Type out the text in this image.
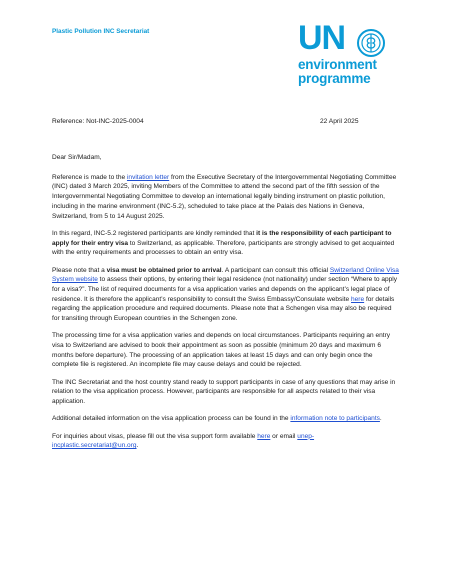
Plastic Pollution INC Secretariat	UN
environment
programme
Reference: Not-INC-2025-0004	22 April 2025

Dear Sir/Madam,

Reference is made to the invitation letter from the Executive Secretary of the Intergovernmental Negotiating Committee (INC) dated 3 March 2025, inviting Members of the Committee to attend the second part of the fifth session of the Intergovernmental Negotiating Committee to develop an international legally binding instrument on plastic pollution, including in the marine environment (INC-5.2), scheduled to take place at the Palais des Nations in Geneva, Switzerland, from 5 to 14 August 2025.

In this regard, INC-5.2 registered participants are kindly reminded that it is the responsibility of each participant to apply for their entry visa to Switzerland, as applicable. Therefore, participants are strongly advised to get acquainted with the entry requirements and processes to obtain an entry visa.

Please note that a visa must be obtained prior to arrival. A participant can consult this official Switzerland Online Visa System website to assess their options, by entering their legal residence (not nationality) under section “Where to apply for a visa?”. The list of required documents for a visa application varies and depends on the applicant’s legal place of residence. It is therefore the applicant’s responsibility to consult the Swiss Embassy/Consulate website here for details regarding the application procedure and required documents. Please note that a Schengen visa may also be required for transiting through European countries in the Schengen zone.

The processing time for a visa application varies and depends on local circumstances. Participants requiring an entry visa to Switzerland are advised to book their appointment as soon as possible (minimum 20 days and maximum 6 months before departure). The processing of an application takes at least 15 days and can only begin once the complete file is registered. An incomplete file may cause delays and could be rejected.

The INC Secretariat and the host country stand ready to support participants in case of any questions that may arise in relation to the visa application process. However, participants are responsible for all aspects related to their visa application.

Additional detailed information on the visa application process can be found in the information note to participants.

For inquiries about visas, please fill out the visa support form available here or email unep-incplastic.secretariat@un.org.
